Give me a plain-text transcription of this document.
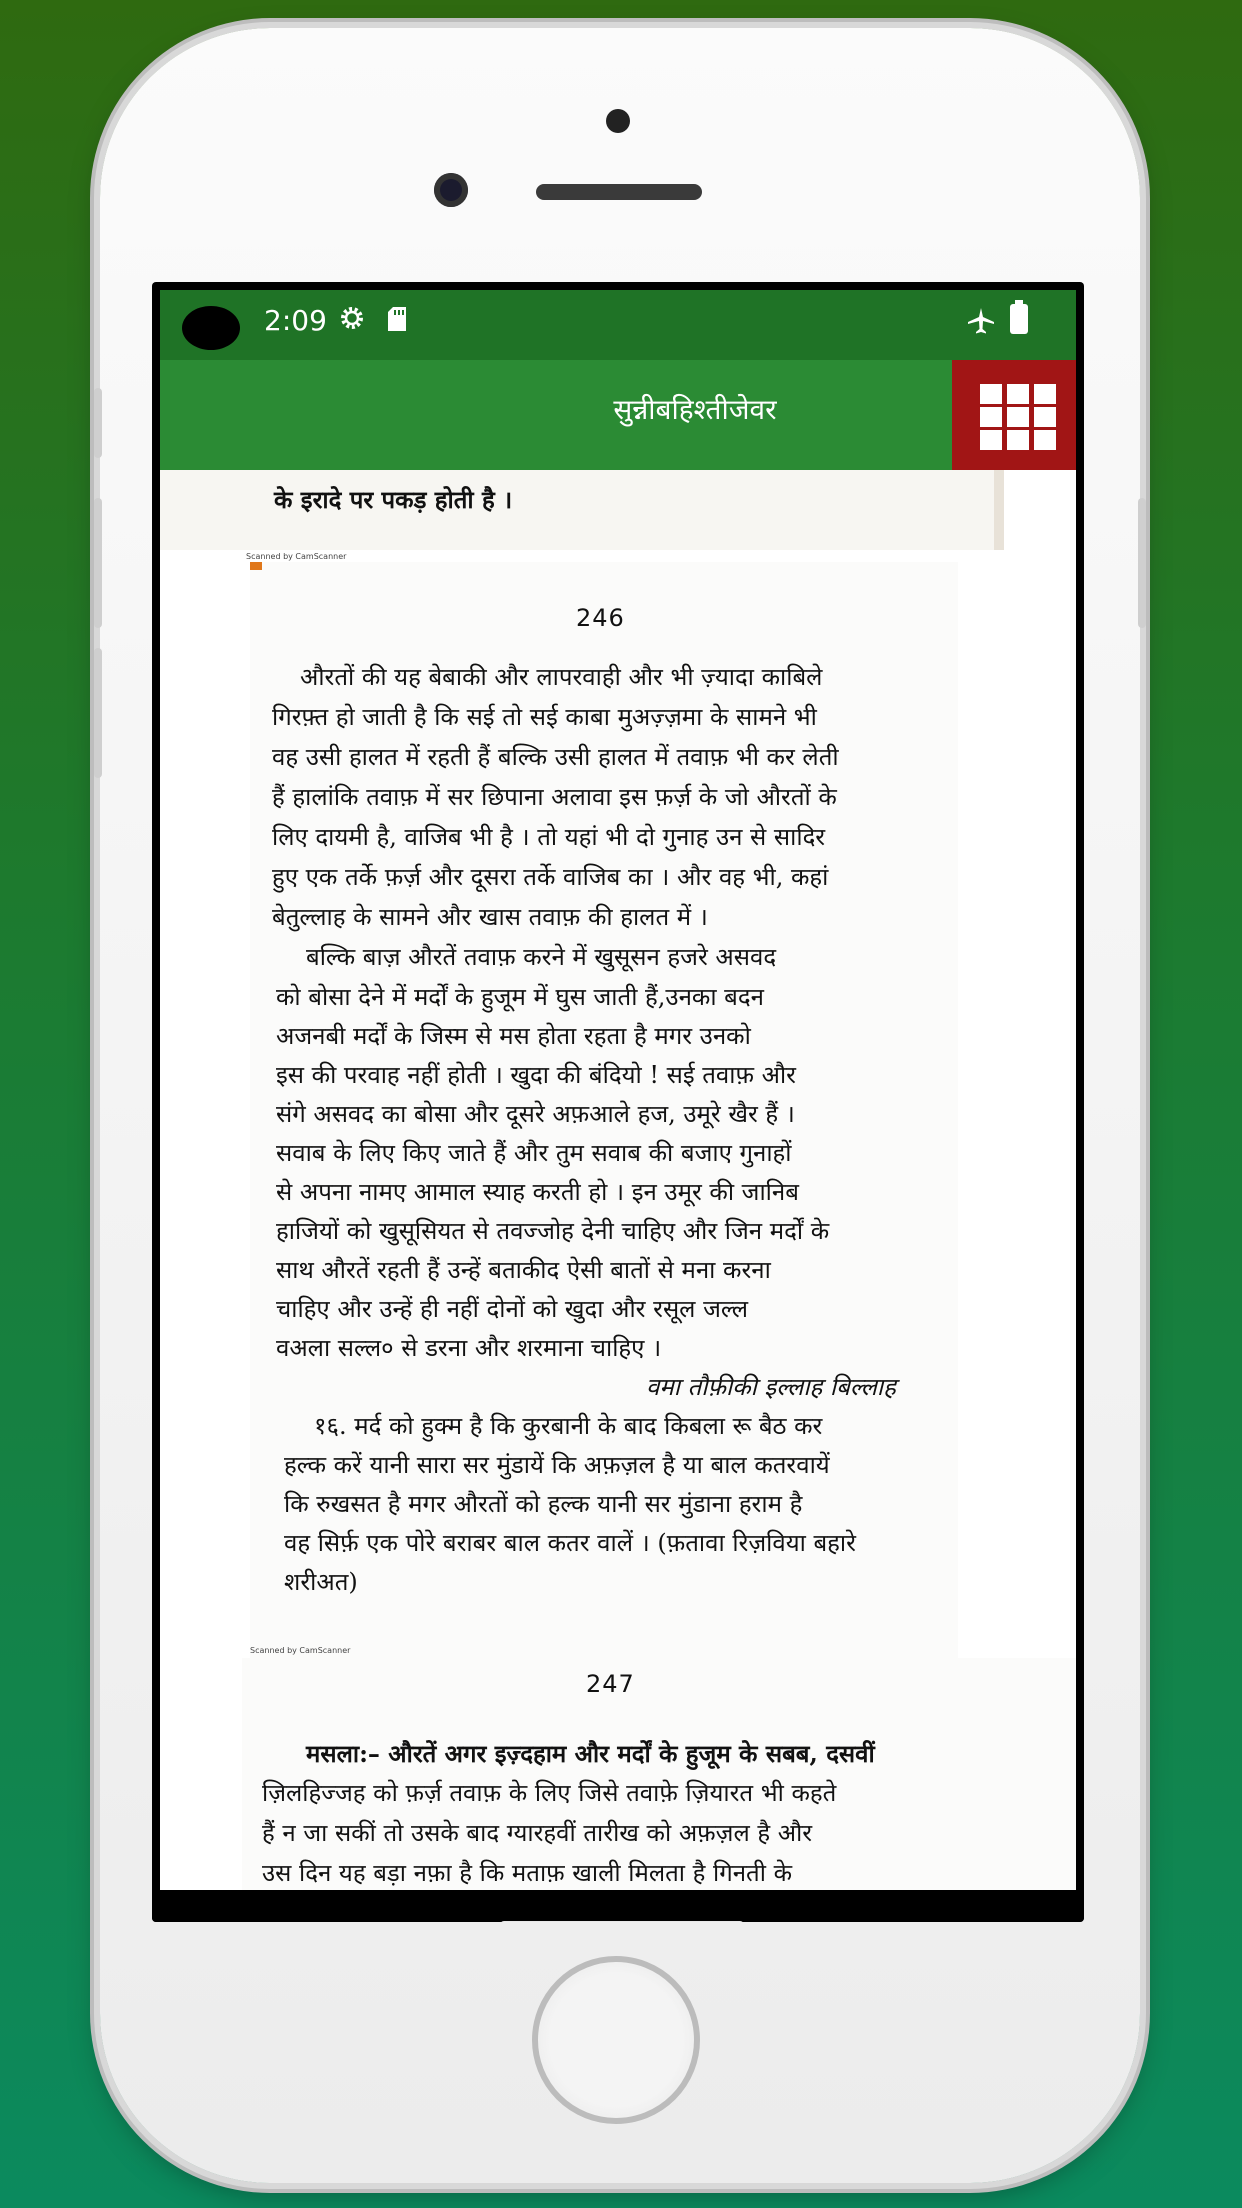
2:09
सुन्नीबहिश्तीजेवर
के इरादे पर पकड़ होती है ।
Scanned by CamScanner
246
औरतों की यह बेबाकी और लापरवाही और भी ज़्यादा काबिले
गिरफ़्त हो जाती है कि सई तो सई काबा मुअज़्ज़मा के सामने भी
वह उसी हालत में रहती हैं बल्कि उसी हालत में तवाफ़ भी कर लेती
हैं हालांकि तवाफ़ में सर छिपाना अलावा इस फ़र्ज़ के जो औरतों के
लिए दायमी है, वाजिब भी है । तो यहां भी दो गुनाह उन से सादिर
हुए एक तर्के फ़र्ज़ और दूसरा तर्के वाजिब का । और वह भी, कहां
बेतुल्लाह के सामने और खास तवाफ़ की हालत में ।
बल्कि बाज़ औरतें तवाफ़ करने में खुसूसन हजरे असवद
को बोसा देने में मर्दों के हुजूम में घुस जाती हैं,उनका बदन
अजनबी मर्दों के जिस्म से मस होता रहता है मगर उनको
इस की परवाह नहीं होती । खुदा की बंदियो ! सई तवाफ़ और
संगे असवद का बोसा और दूसरे अफ़आले हज, उमूरे खैर हैं ।
सवाब के लिए किए जाते हैं और तुम सवाब की बजाए गुनाहों
से अपना नामए आमाल स्याह करती हो । इन उमूर की जानिब
हाजियों को खुसूसियत से तवज्जोह देनी चाहिए और जिन मर्दों के
साथ औरतें रहती हैं उन्हें बताकीद ऐसी बातों से मना करना
चाहिए और उन्हें ही नहीं दोनों को खुदा और रसूल जल्ल
वअला सल्ल० से डरना और शरमाना चाहिए ।
वमा तौफ़ीकी इल्लाह बिल्लाह
१६. मर्द को हुक्म है कि कुरबानी के बाद किबला रू बैठ कर
हल्क करें यानी सारा सर मुंडायें कि अफ़ज़ल है या बाल कतरवायें
कि रुखसत है मगर औरतों को हल्क यानी सर मुंडाना हराम है
वह सिर्फ़ एक पोरे बराबर बाल कतर वालें । (फ़तावा रिज़विया बहारे
शरीअत)
Scanned by CamScanner
247
मसला:– औरतें अगर इज़्दहाम और मर्दों के हुजूम के सबब, दसवीं
ज़िलहिज्जह को फ़र्ज़ तवाफ़ के लिए जिसे तवाफ़े ज़ियारत भी कहते
हैं न जा सकीं तो उसके बाद ग्यारहवीं तारीख को अफ़ज़ल है और
उस दिन यह बड़ा नफ़ा है कि मताफ़ खाली मिलता है गिनती के
